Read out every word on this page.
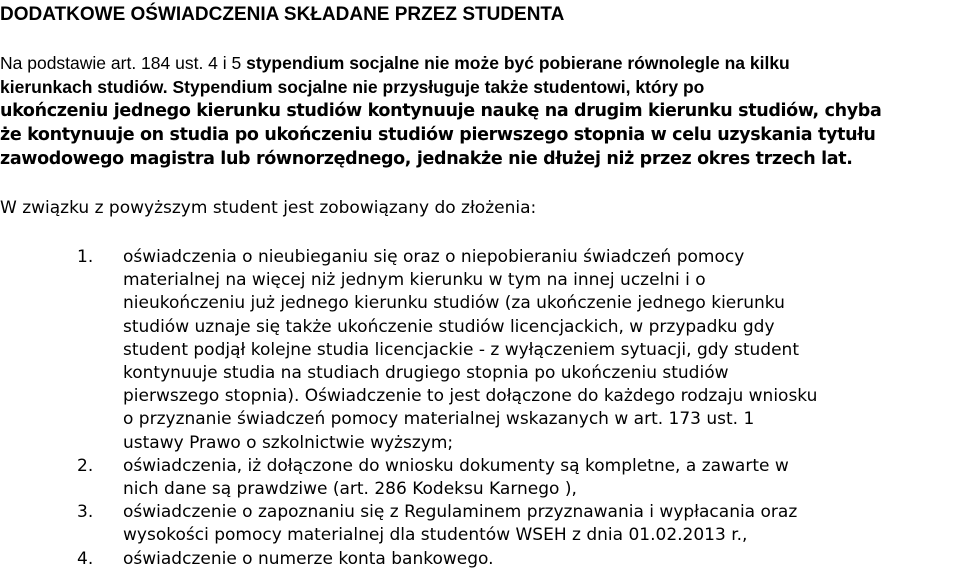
DODATKOWE OŚWIADCZENIA SKŁADANE PRZEZ STUDENTA
Na podstawie art. 184 ust. 4 i 5 stypendium socjalne nie może być pobierane równolegle na kilku
kierunkach studiów. Stypendium socjalne nie przysługuje także studentowi, który po
ukończeniu jednego kierunku studiów kontynuuje naukę na drugim kierunku studiów, chyba
że kontynuuje on studia po ukończeniu studiów pierwszego stopnia w celu uzyskania tytułu
zawodowego magistra lub równorzędnego, jednakże nie dłużej niż przez okres trzech lat.
W związku z powyższym student jest zobowiązany do złożenia:
1. oświadczenia o nieubieganiu się oraz o niepobieraniu świadczeń pomocy
materialnej na więcej niż jednym kierunku w tym na innej uczelni i o
nieukończeniu już jednego kierunku studiów (za ukończenie jednego kierunku
studiów uznaje się także ukończenie studiów licencjackich, w przypadku gdy
student podjął kolejne studia licencjackie - z wyłączeniem sytuacji, gdy student
kontynuuje studia na studiach drugiego stopnia po ukończeniu studiów
pierwszego stopnia). Oświadczenie to jest dołączone do każdego rodzaju wniosku
o przyznanie świadczeń pomocy materialnej wskazanych w art. 173 ust. 1
ustawy Prawo o szkolnictwie wyższym;
2. oświadczenia, iż dołączone do wniosku dokumenty są kompletne, a zawarte w
nich dane są prawdziwe (art. 286 Kodeksu Karnego ),
3. oświadczenie o zapoznaniu się z Regulaminem przyznawania i wypłacania oraz
wysokości pomocy materialnej dla studentów WSEH z dnia 01.02.2013 r.,
4. oświadczenie o numerze konta bankowego.
